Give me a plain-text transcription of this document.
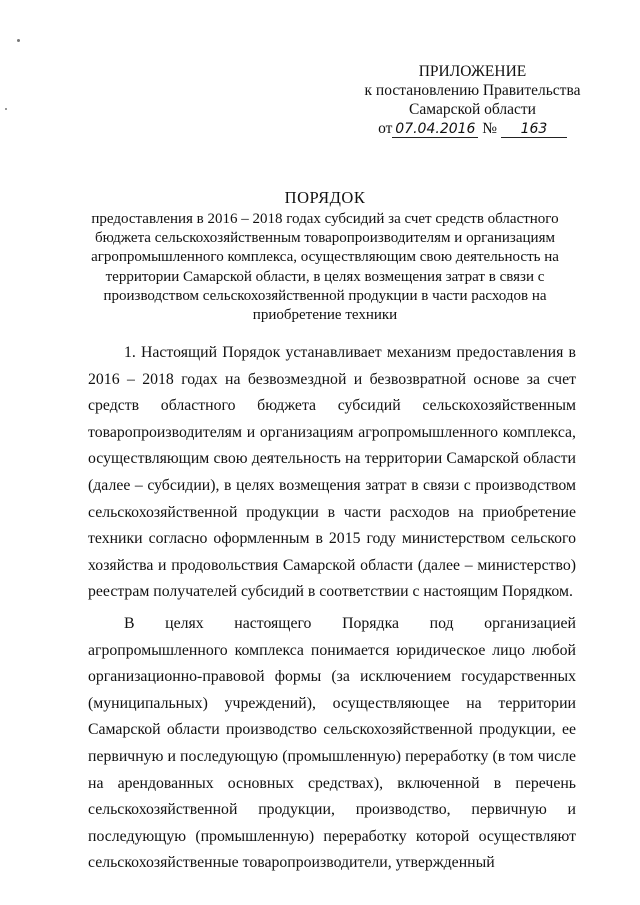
ПРИЛОЖЕНИЕ
к постановлению Правительства
Самарской области
от 07.04.2016 № 163
ПОРЯДОК
предоставления в 2016 – 2018 годах субсидий за счет средств областного бюджета сельскохозяйственным товаропроизводителям и организациям агропромышленного комплекса, осуществляющим свою деятельность на территории Самарской области, в целях возмещения затрат в связи с производством сельскохозяйственной продукции в части расходов на приобретение техники

1. Настоящий Порядок устанавливает механизм предоставления в 2016 – 2018 годах на безвозмездной и безвозвратной основе за счет средств областного бюджета субсидий сельскохозяйственным товаропроизводителям и организациям агропромышленного комплекса, осуществляющим свою деятельность на территории Самарской области (далее – субсидии), в целях возмещения затрат в связи с производством сельскохозяйственной продукции в части расходов на приобретение техники согласно оформленным в 2015 году министерством сельского хозяйства и продовольствия Самарской области (далее – министерство) реестрам получателей субсидий в соответствии с настоящим Порядком.

В целях настоящего Порядка под организацией агропромышленного комплекса понимается юридическое лицо любой организационно-правовой формы (за исключением государственных (муниципальных) учреждений), осуществляющее на территории Самарской области производство сельскохозяйственной продукции, ее первичную и последующую (промышленную) переработку (в том числе на арендованных основных средствах), включенной в перечень сельскохозяйственной продукции, производство, первичную и последующую (промышленную) переработку которой осуществляют сельскохозяйственные товаропроизводители, утвержденный
